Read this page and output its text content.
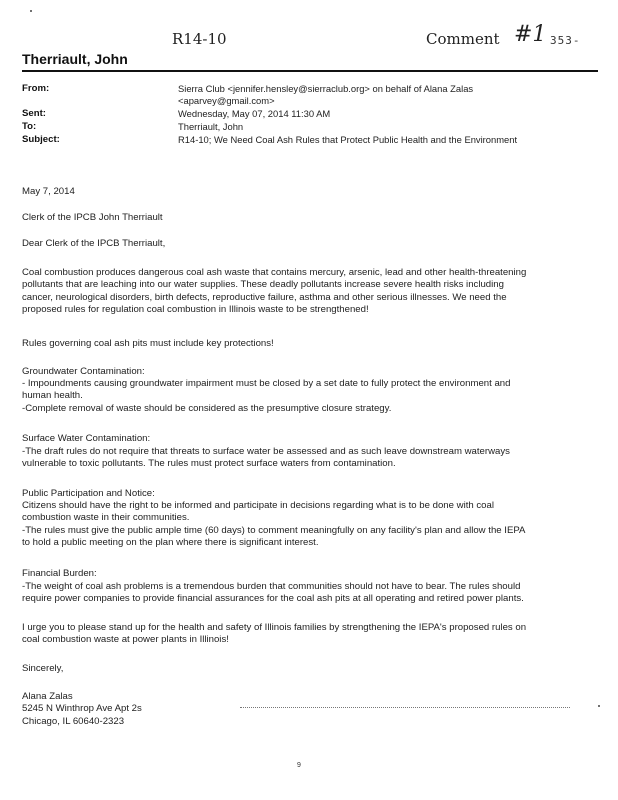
R14-10	Comment #1 353-
Therriault, John
From:	Sierra Club <jennifer.hensley@sierraclub.org> on behalf of Alana Zalas
<aparvey@gmail.com>
Sent:	Wednesday, May 07, 2014 11:30 AM
To:	Therriault, John
Subject:	R14-10; We Need Coal Ash Rules that Protect Public Health and the Environment
May 7, 2014
Clerk of the IPCB John Therriault
Dear Clerk of the IPCB Therriault,
Coal combustion produces dangerous coal ash waste that contains mercury, arsenic, lead and other health-threatening
pollutants that are leaching into our water supplies. These deadly pollutants increase severe health risks including
cancer, neurological disorders, birth defects, reproductive failure, asthma and other serious illnesses. We need the
proposed rules for regulation coal combustion in Illinois waste to be strengthened!
Rules governing coal ash pits must include key protections!
Groundwater Contamination:
- Impoundments causing groundwater impairment must be closed by a set date to fully protect the environment and
human health.
-Complete removal of waste should be considered as the presumptive closure strategy.
Surface Water Contamination:
-The draft rules do not require that threats to surface water be assessed and as such leave downstream waterways
vulnerable to toxic pollutants. The rules must protect surface waters from contamination.
Public Participation and Notice:
Citizens should have the right to be informed and participate in decisions regarding what is to be done with coal
combustion waste in their communities.
-The rules must give the public ample time (60 days) to comment meaningfully on any facility's plan and allow the IEPA
to hold a public meeting on the plan where there is significant interest.
Financial Burden:
-The weight of coal ash problems is a tremendous burden that communities should not have to bear. The rules should
require power companies to provide financial assurances for the coal ash pits at all operating and retired power plants.
I urge you to please stand up for the health and safety of Illinois families by strengthening the IEPA's proposed rules on
coal combustion waste at power plants in Illinois!
Sincerely,
Alana Zalas
5245 N Winthrop Ave Apt 2s
Chicago, IL 60640-2323
9
